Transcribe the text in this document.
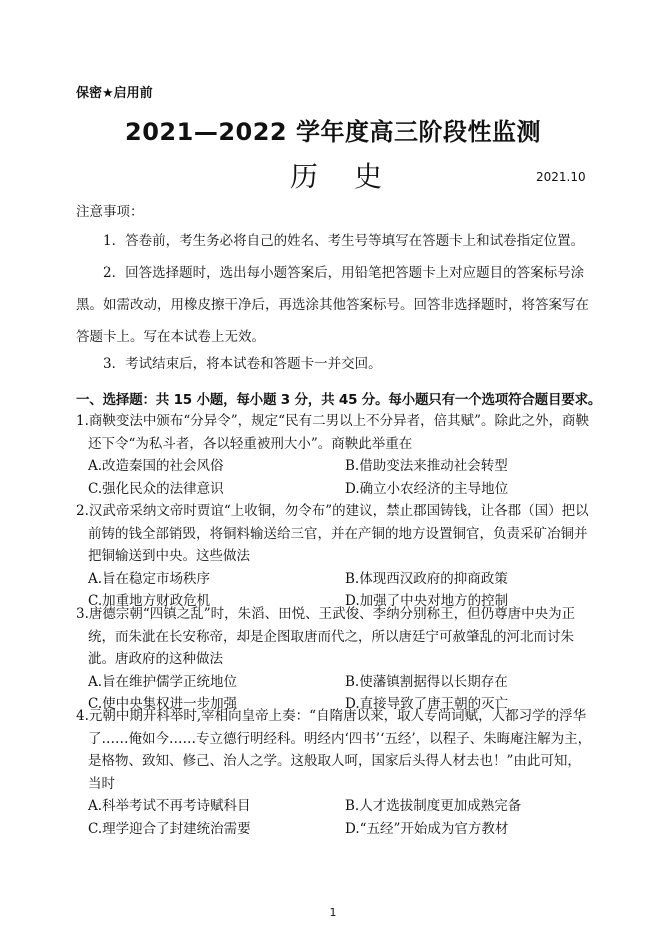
保密★启用前
2021—2022 学年度高三阶段性监测
历史	2021.10
注意事项：
1．答卷前，考生务必将自己的姓名、考生号等填写在答题卡上和试卷指定位置。
2．回答选择题时，选出每小题答案后，用铅笔把答题卡上对应题目的答案标号涂黑。如需改动，用橡皮擦干净后，再选涂其他答案标号。回答非选择题时，将答案写在答题卡上。写在本试卷上无效。
3．考试结束后，将本试卷和答题卡一并交回。
一、选择题：共 15 小题，每小题 3 分，共 45 分。每小题只有一个选项符合题目要求。
1.商鞅变法中颁布“分异令”，规定“民有二男以上不分异者，倍其赋”。除此之外，商鞅还下令“为私斗者，各以轻重被刑大小”。商鞅此举重在
A.改造秦国的社会风俗	B.借助变法来推动社会转型
C.强化民众的法律意识	D.确立小农经济的主导地位
2.汉武帝采纳文帝时贾谊“上收铜，勿令布”的建议，禁止郡国铸钱，让各郡（国）把以前铸的钱全部销毁，将铜料输送给三官，并在产铜的地方设置铜官，负责采矿冶铜并把铜输送到中央。这些做法
A.旨在稳定市场秩序	B.体现西汉政府的抑商政策
C.加重地方财政危机	D.加强了中央对地方的控制
3.唐德宗朝“四镇之乱”时，朱滔、田悦、王武俊、李纳分别称王，但仍尊唐中央为正统，而朱泚在长安称帝，却是企图取唐而代之，所以唐廷宁可赦肇乱的河北而讨朱泚。唐政府的这种做法
A.旨在维护儒学正统地位	B.使藩镇割据得以长期存在
C.使中央集权进一步加强	D.直接导致了唐王朝的灭亡
4.元朝中期开科举时,宰相向皇帝上奏：“自隋唐以来，取人专尚词赋，人都习学的浮华了……俺如今……专立德行明经科。明经内‘四书’‘五经’，以程子、朱晦庵注解为主，是格物、致知、修己、治人之学。这般取人呵，国家后头得人材去也！”由此可知，当时
A.科举考试不再考诗赋科目	B.人才选拔制度更加成熟完备
C.理学迎合了封建统治需要	D.“五经”开始成为官方教材
1
